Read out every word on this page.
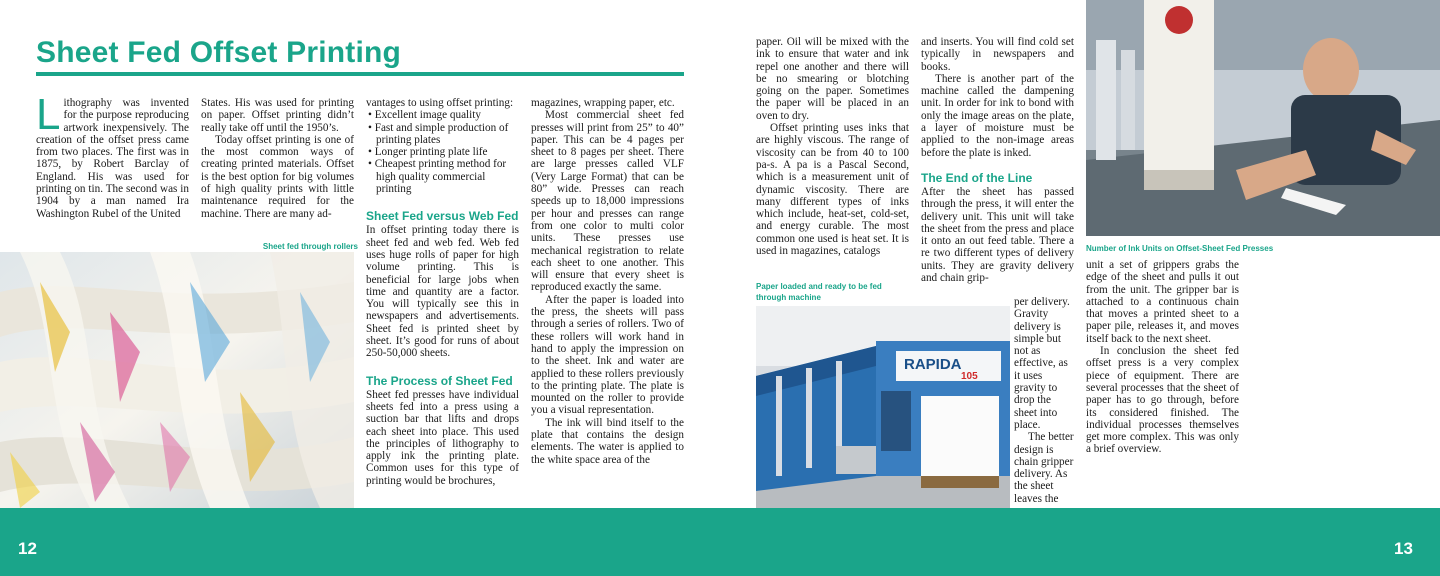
Sheet Fed Offset Printing
L ithography was invented for the purpose reproducing artwork inexpensively. The creation of the offset press came from two places. The first was in 1875, by Robert Barclay of England. His was used for printing on tin. The second was in 1904 by a man named Ira Washington Rubel of the United

States. His was used for printing on paper. Offset printing didn’t really take off until the 1950’s.

Today offset printing is one of the most common ways of creating printed materials. Offset is the best option for big volumes of high quality prints with little maintenance required for the machine. There are many ad-

Sheet fed through rollers

vantages to using offset printing:

• Excellent image quality
• Fast and simple production of printing plates
• Longer printing plate life
• Cheapest printing method for high quality commercial printing
Sheet Fed versus Web Fed

In offset printing today there is sheet fed and web fed. Web fed uses huge rolls of paper for high volume printing. This is beneficial for large jobs when time and quantity are a factor. You will typically see this in newspapers and advertisements. Sheet fed is printed sheet by sheet. It’s good for runs of about 250-50,000 sheets.

The Process of Sheet Fed

Sheet fed presses have individual sheets fed into a press using a suction bar that lifts and drops each sheet into place. This used the principles of lithography to apply ink the printing plate. Common uses for this type of printing would be brochures,

magazines, wrapping paper, etc.

Most commercial sheet fed presses will print from 25” to 40” paper. This can be 4 pages per sheet to 8 pages per sheet. There are large presses called VLF (Very Large Format) that can be 80” wide. Presses can reach speeds up to 18,000 impressions per hour and presses can range from one color to multi color units. These presses use mechanical registration to relate each sheet to one another. This will ensure that every sheet is reproduced exactly the same.

After the paper is loaded into the press, the sheets will pass through a series of rollers. Two of these rollers will work hand in hand to apply the impression on to the sheet. Ink and water are applied to these rollers previously to the printing plate. The plate is mounted on the roller to provide you a visual representation.

The ink will bind itself to the plate that contains the design elements. The water is applied to the white space area of the

paper. Oil will be mixed with the ink to ensure that water and ink repel one another and there will be no smearing or blotching going on the paper. Sometimes the paper will be placed in an oven to dry.

Offset printing uses inks that are highly viscous. The range of viscosity can be from 40 to 100 pa-s. A pa is a Pascal Second, which is a measurement unit of dynamic viscosity. There are many different types of inks which include, heat-set, cold-set, and energy curable. The most common one used is heat set. It is used in magazines, catalogs

Paper loaded and ready to be fed through machine
RAPIDA
105

and inserts. You will find cold set typically in newspapers and books.

There is another part of the machine called the dampening unit. In order for ink to bond with only the image areas on the plate, a layer of moisture must be applied to the non-image areas before the plate is inked.

The End of the Line

After the sheet has passed through the press, it will enter the delivery unit. This unit will take the sheet from the press and place it onto an out feed table. There a re two different types of delivery units. They are gravity delivery and chain grip-

per delivery. Gravity delivery is simple but not as effective, as it uses gravity to drop the sheet into place.

The better design is chain gripper delivery. As the sheet leaves the

Number of Ink Units on Offset-Sheet Fed Presses

unit a set of grippers grabs the edge of the sheet and pulls it out from the unit. The gripper bar is attached to a continuous chain that moves a printed sheet to a paper pile, releases it, and moves itself back to the next sheet.

In conclusion the sheet fed offset press is a very complex piece of equipment. There are several processes that the sheet of paper has to go through, before its considered finished. The individual processes themselves get more complex. This was only a brief overview.

12	13
